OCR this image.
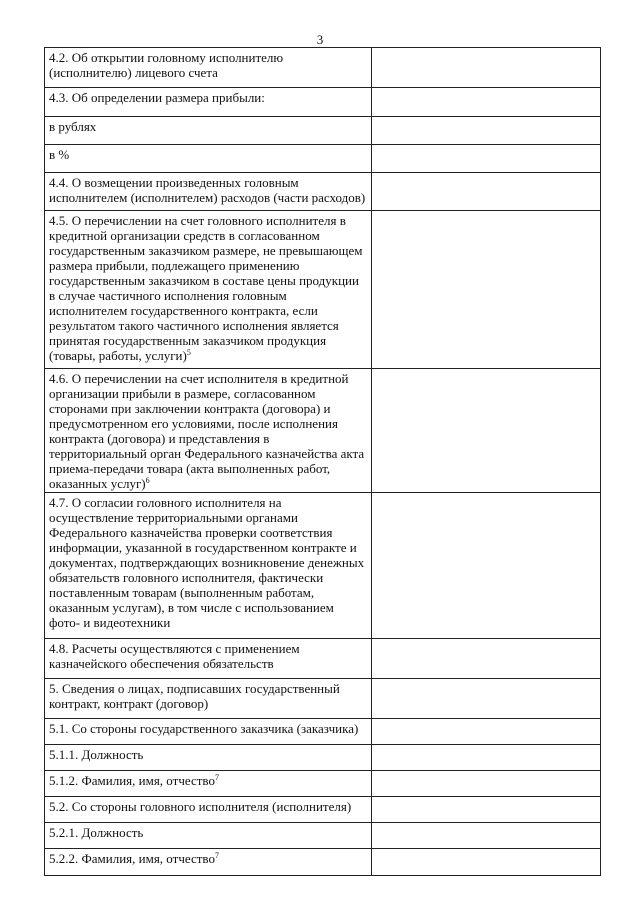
3
4.2. Об открытии головному исполнителю (исполнителю) лицевого счета	
4.3. Об определении размера прибыли:	
в рублях	
в %	
4.4. О возмещении произведенных головным исполнителем (исполнителем) расходов (части расходов)	
4.5. О перечислении на счет головного исполнителя в кредитной организации средств в согласованном государственным заказчиком размере, не превышающем размера прибыли, подлежащего применению государственным заказчиком в составе цены продукции в случае частичного исполнения головным исполнителем государственного контракта, если результатом такого частичного исполнения является принятая государственным заказчиком продукция (товары, работы, услуги)$^5$	
4.6. О перечислении на счет исполнителя в кредитной организации прибыли в размере, согласованном сторонами при заключении контракта (договора) и предусмотренном его условиями, после исполнения контракта (договора) и представления в территориальный орган Федерального казначейства акта приема-передачи товара (акта выполненных работ, оказанных услуг)$^6$	
4.7. О согласии головного исполнителя на осуществление территориальными органами Федерального казначейства проверки соответствия информации, указанной в государственном контракте и документах, подтверждающих возникновение денежных обязательств головного исполнителя, фактически поставленным товарам (выполненным работам, оказанным услугам), в том числе с использованием фото- и видеотехники	
4.8. Расчеты осуществляются с применением казначейского обеспечения обязательств	
5. Сведения о лицах, подписавших государственный контракт, контракт (договор)	
5.1. Со стороны государственного заказчика (заказчика)	
5.1.1. Должность	
5.1.2. Фамилия, имя, отчество$^7$	
5.2. Со стороны головного исполнителя (исполнителя)	
5.2.1. Должность	
5.2.2. Фамилия, имя, отчество$^7$	
